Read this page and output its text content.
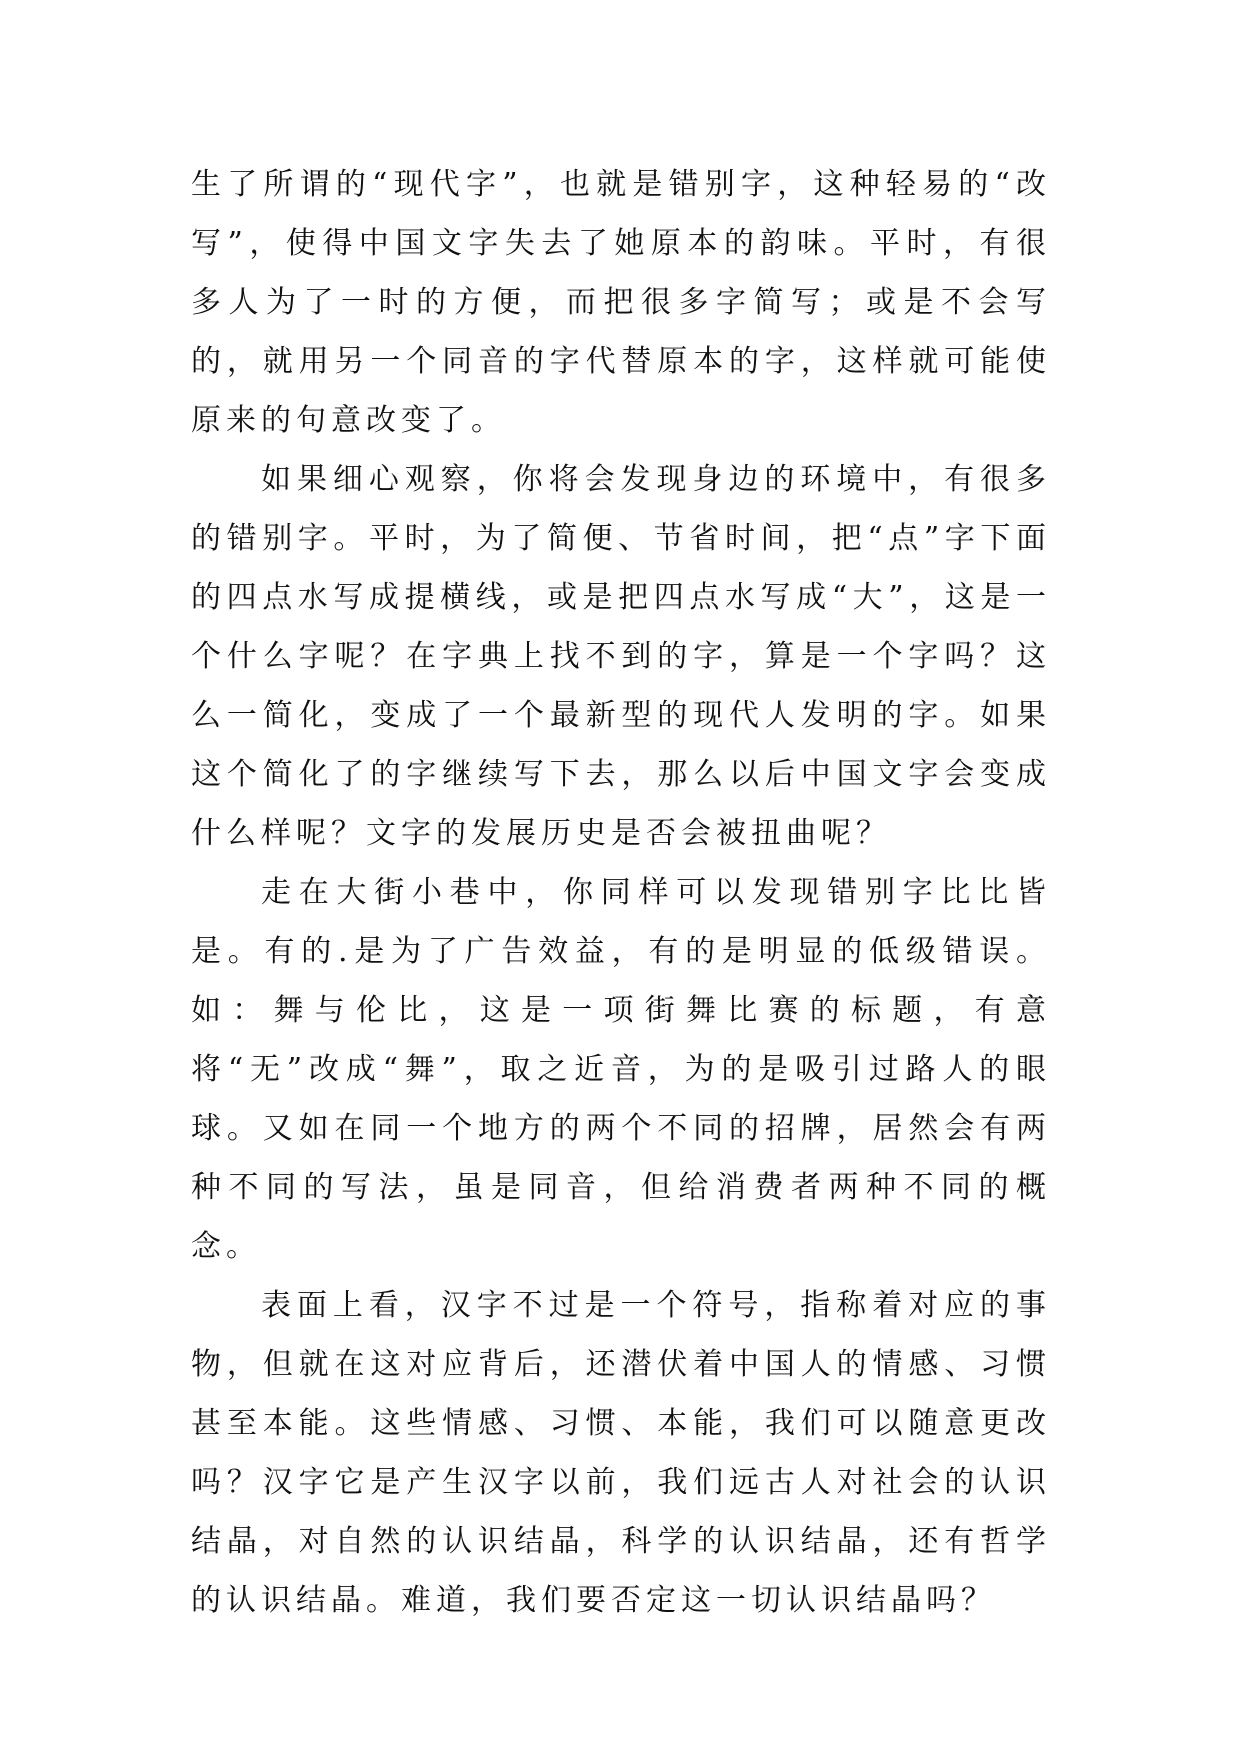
生了所谓的“现代字”，也就是错别字，这种轻易的“改写”，使得中国文字失去了她原本的韵味。平时，有很多人为了一时的方便，而把很多字简写；或是不会写的，就用另一个同音的字代替原本的字，这样就可能使原来的句意改变了。

如果细心观察，你将会发现身边的环境中，有很多的错别字。平时，为了简便、节省时间，把“点”字下面的四点水写成提横线，或是把四点水写成“大”，这是一个什么字呢？在字典上找不到的字，算是一个字吗？这么一简化，变成了一个最新型的现代人发明的字。如果这个简化了的字继续写下去，那么以后中国文字会变成什么样呢？文字的发展历史是否会被扭曲呢？

走在大街小巷中，你同样可以发现错别字比比皆是。有的.是为了广告效益，有的是明显的低级错误。如：舞与伦比，这是一项街舞比赛的标题，有意将“无”改成“舞”，取之近音，为的是吸引过路人的眼球。又如在同一个地方的两个不同的招牌，居然会有两种不同的写法，虽是同音，但给消费者两种不同的概念。

表面上看，汉字不过是一个符号，指称着对应的事物，但就在这对应背后，还潜伏着中国人的情感、习惯甚至本能。这些情感、习惯、本能，我们可以随意更改吗？汉字它是产生汉字以前，我们远古人对社会的认识结晶，对自然的认识结晶，科学的认识结晶，还有哲学的认识结晶。难道，我们要否定这一切认识结晶吗？
